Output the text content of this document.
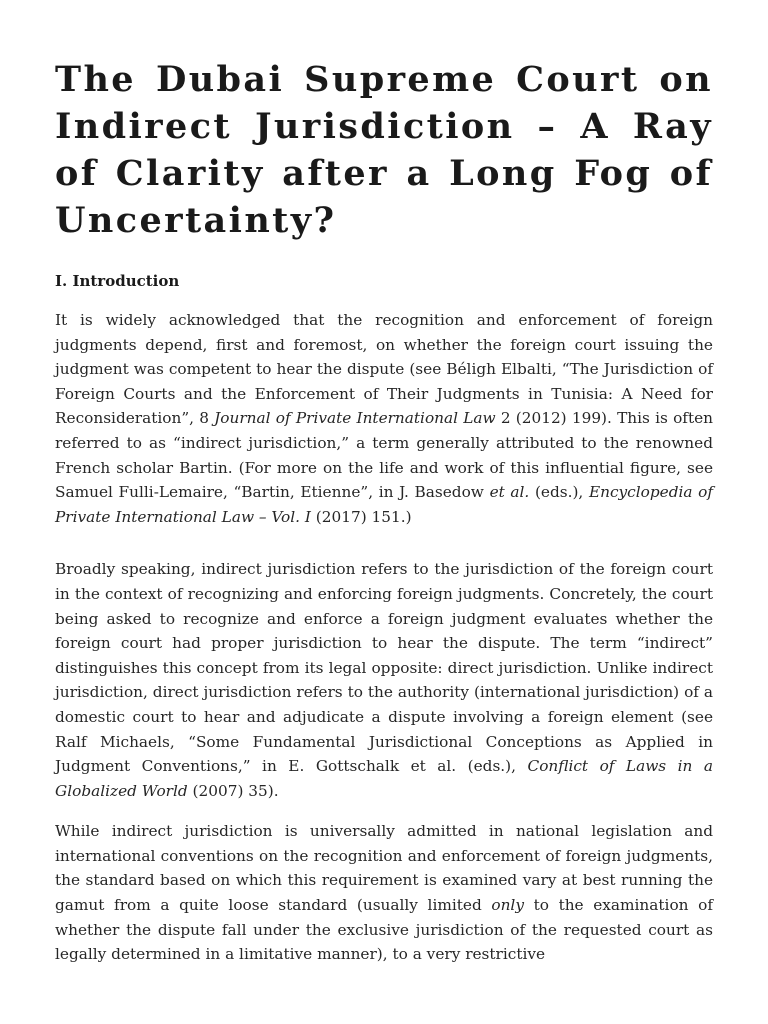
The Dubai Supreme Court on Indirect Jurisdiction – A Ray of Clarity after a Long Fog of Uncertainty?
I. Introduction

It is widely acknowledged that the recognition and enforcement of foreign judgments depend, first and foremost, on whether the foreign court issuing the judgment was competent to hear the dispute (see Béligh Elbalti, “The Jurisdiction of Foreign Courts and the Enforcement of Their Judgments in Tunisia: A Need for Reconsideration”, 8 Journal of Private International Law 2 (2012) 199). This is often referred to as “indirect jurisdiction,” a term generally attributed to the renowned French scholar Bartin. (For more on the life and work of this influential figure, see Samuel Fulli-Lemaire, “Bartin, Etienne”, in J. Basedow et al. (eds.), Encyclopedia of Private International Law – Vol. I (2017) 151.)

Broadly speaking, indirect jurisdiction refers to the jurisdiction of the foreign court in the context of recognizing and enforcing foreign judgments. Concretely, the court being asked to recognize and enforce a foreign judgment evaluates whether the foreign court had proper jurisdiction to hear the dispute. The term “indirect” distinguishes this concept from its legal opposite: direct jurisdiction. Unlike indirect jurisdiction, direct jurisdiction refers to the authority (international jurisdiction) of a domestic court to hear and adjudicate a dispute involving a foreign element (see Ralf Michaels, “Some Fundamental Jurisdictional Conceptions as Applied in Judgment Conventions,” in E. Gottschalk et al. (eds.), Conflict of Laws in a Globalized World (2007) 35).

While indirect jurisdiction is universally admitted in national legislation and international conventions on the recognition and enforcement of foreign judgments, the standard based on which this requirement is examined vary at best running the gamut from a quite loose standard (usually limited only to the examination of whether the dispute fall under the exclusive jurisdiction of the requested court as legally determined in a limitative manner), to a very restrictive
